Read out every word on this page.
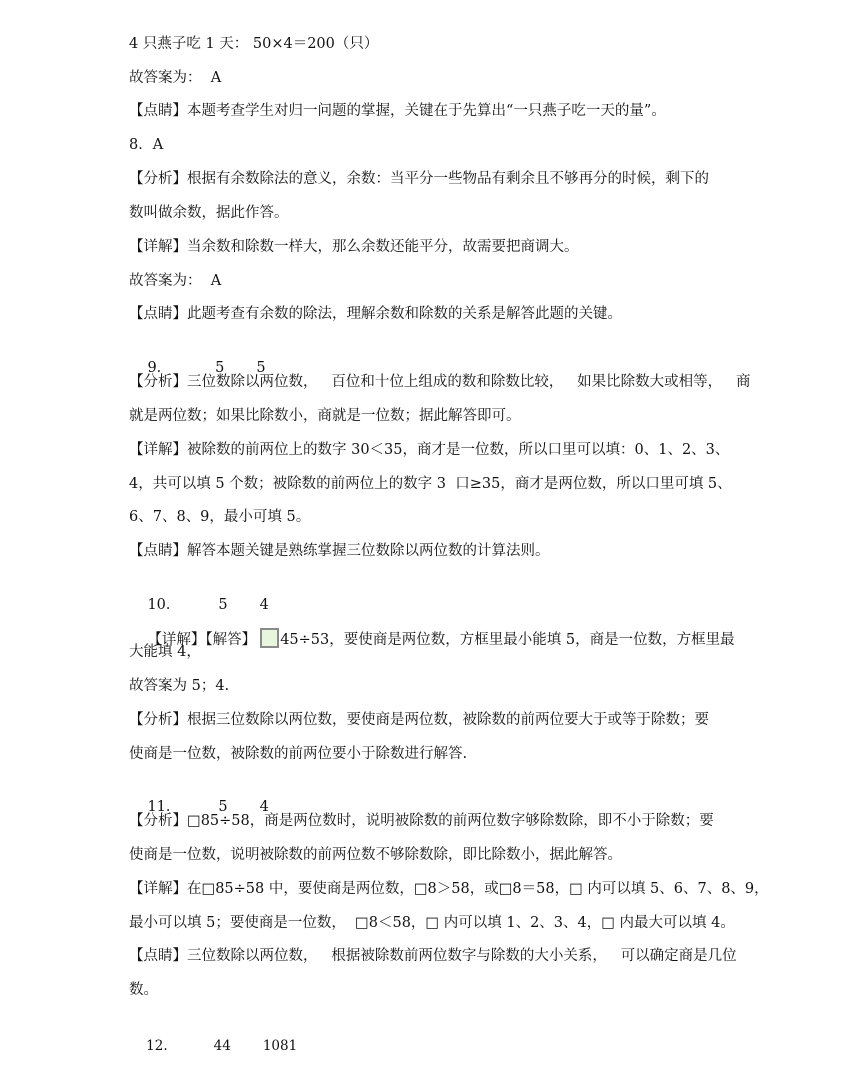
4 只燕子吃 1 天： 50×4＝200（只）
故答案为：  A
【点睛】本题考查学生对归一问题的掌握，关键在于先算出“一只燕子吃一天的量”。
8．A
【分析】根据有余数除法的意义，余数：当平分一些物品有剩余且不够再分的时候，剩下的
数叫做余数，据此作答。
【详解】当余数和除数一样大，那么余数还能平分，故需要把商调大。
故答案为：  A
【点睛】此题考查有余数的除法，理解余数和除数的关系是解答此题的关键。

9．	5 5

【分析】三位数除以两位数，   百位和十位上组成的数和除数比较，   如果比除数大或相等，   商
就是两位数；如果比除数小，商就是一位数；据此解答即可。
【详解】被除数的前两位上的数字 30＜35，商才是一位数，所以口里可以填：0、1、2、3、
4，共可以填 5 个数；被除数的前两位上的数字 3  口≥35，商才是两位数，所以口里可填 5、
6、7、8、9，最小可填 5。
【点睛】解答本题关键是熟练掌握三位数除以两位数的计算法则。

10．	5 4

【详解】【解答】 45÷53，要使商是两位数，方框里最小能填 5，商是一位数，方框里最

大能填 4，
故答案为 5；4.
【分析】根据三位数除以两位数，要使商是两位数，被除数的前两位要大于或等于除数；要
使商是一位数，被除数的前两位要小于除数进行解答.

11．	5 4

【分析】□85÷58，商是两位数时，说明被除数的前两位数字够除数除，即不小于除数；要
使商是一位数，说明被除数的前两位数不够除数除，即比除数小，据此解答。
【详解】在□85÷58 中，要使商是两位数，□8＞58，或□8＝58，□ 内可以填 5、6、7、8、9，
最小可以填 5；要使商是一位数，  □8＜58，□ 内可以填 1、2、3、4，□ 内最大可以填 4。
【点睛】三位数除以两位数，   根据被除数前两位数字与除数的大小关系，   可以确定商是几位
数。

12.	44 1081
